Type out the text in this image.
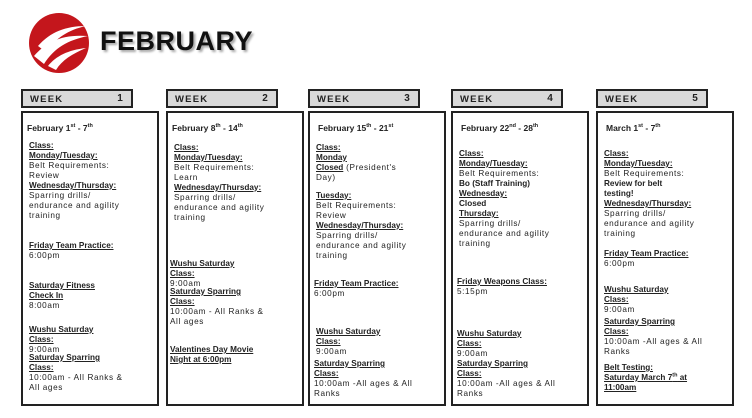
FEBRUARY
WEEK	1
February 1st - 7th
Class:
Monday/Tuesday:
Belt Requirements:
Review
Wednesday/Thursday:
Sparring drills/
endurance and agility
training
Friday Team Practice:
6:00pm
Saturday Fitness
Check In
8:00am
Wushu Saturday
Class:
9:00am
Saturday Sparring
Class:
10:00am - All Ranks &
All ages
WEEK	2
February 8th - 14th
Class:
Monday/Tuesday:
Belt Requirements:
Learn
Wednesday/Thursday:
Sparring drills/
endurance and agility
training
Wushu Saturday
Class:
9:00am
Saturday Sparring
Class:
10:00am - All Ranks &
All ages
Valentines Day Movie
Night at 6:00pm
WEEK	3
February 15th - 21st
Class:
Monday
Closed (President's
Day)
Tuesday:
Belt Requirements:
Review
Wednesday/Thursday:
Sparring drills/
endurance and agility
training
Friday Team Practice:
6:00pm
Wushu Saturday
Class:
9:00am
Saturday Sparring
Class:
10:00am -All ages & All
Ranks
WEEK	4
February 22nd - 28th
Class:
Monday/Tuesday:
Belt Requirements:
Bo (Staff Training)
Wednesday:
Closed
Thursday:
Sparring drills/
endurance and agility
training
Friday Weapons Class:
5:15pm
Wushu Saturday
Class:
9:00am
Saturday Sparring
Class:
10:00am -All ages & All
Ranks
WEEK	5
March 1st - 7th
Class:
Monday/Tuesday:
Belt Requirements:
Review for belt
testing!
Wednesday/Thursday:
Sparring drills/
endurance and agility
training
Friday Team Practice:
6:00pm
Wushu Saturday
Class:
9:00am
Saturday Sparring
Class:
10:00am -All ages & All
Ranks
Belt Testing:
Saturday March 7th at
11:00am
